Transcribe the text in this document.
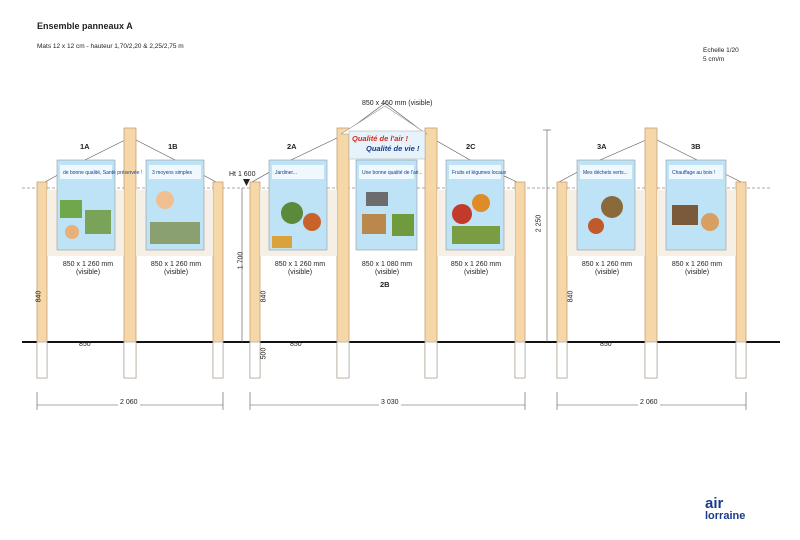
Ensemble panneaux A
Mats 12 x 12 cm - hauteur 1,70/2,20 & 2,25/2,75 m
Echelle 1/20
5 cm/m
de bonne qualité, Santé préservée ! 3 moyens simples	Jardiner...	Une bonne qualité de l'air...	Fruits et légumes locaux	Mes déchets verts...	Chauffage au bois !
850 x 460 mm (visible)
Qualité de l'air !
Qualité de vie !
1A	1B	2A	2C	3A	3B
2B
850 x 1 260 mm
(visible)
850 x 1 260 mm
(visible)
850 x 1 260 mm
(visible)
850 x 1 080 mm
(visible)
850 x 1 260 mm
(visible)
850 x 1 260 mm
(visible)
850 x 1 260 mm
(visible)
Ht 1 600
1 700
2 250
840	840	840
500
850	850	850
2 060	3 030	2 060
air
lorraine
